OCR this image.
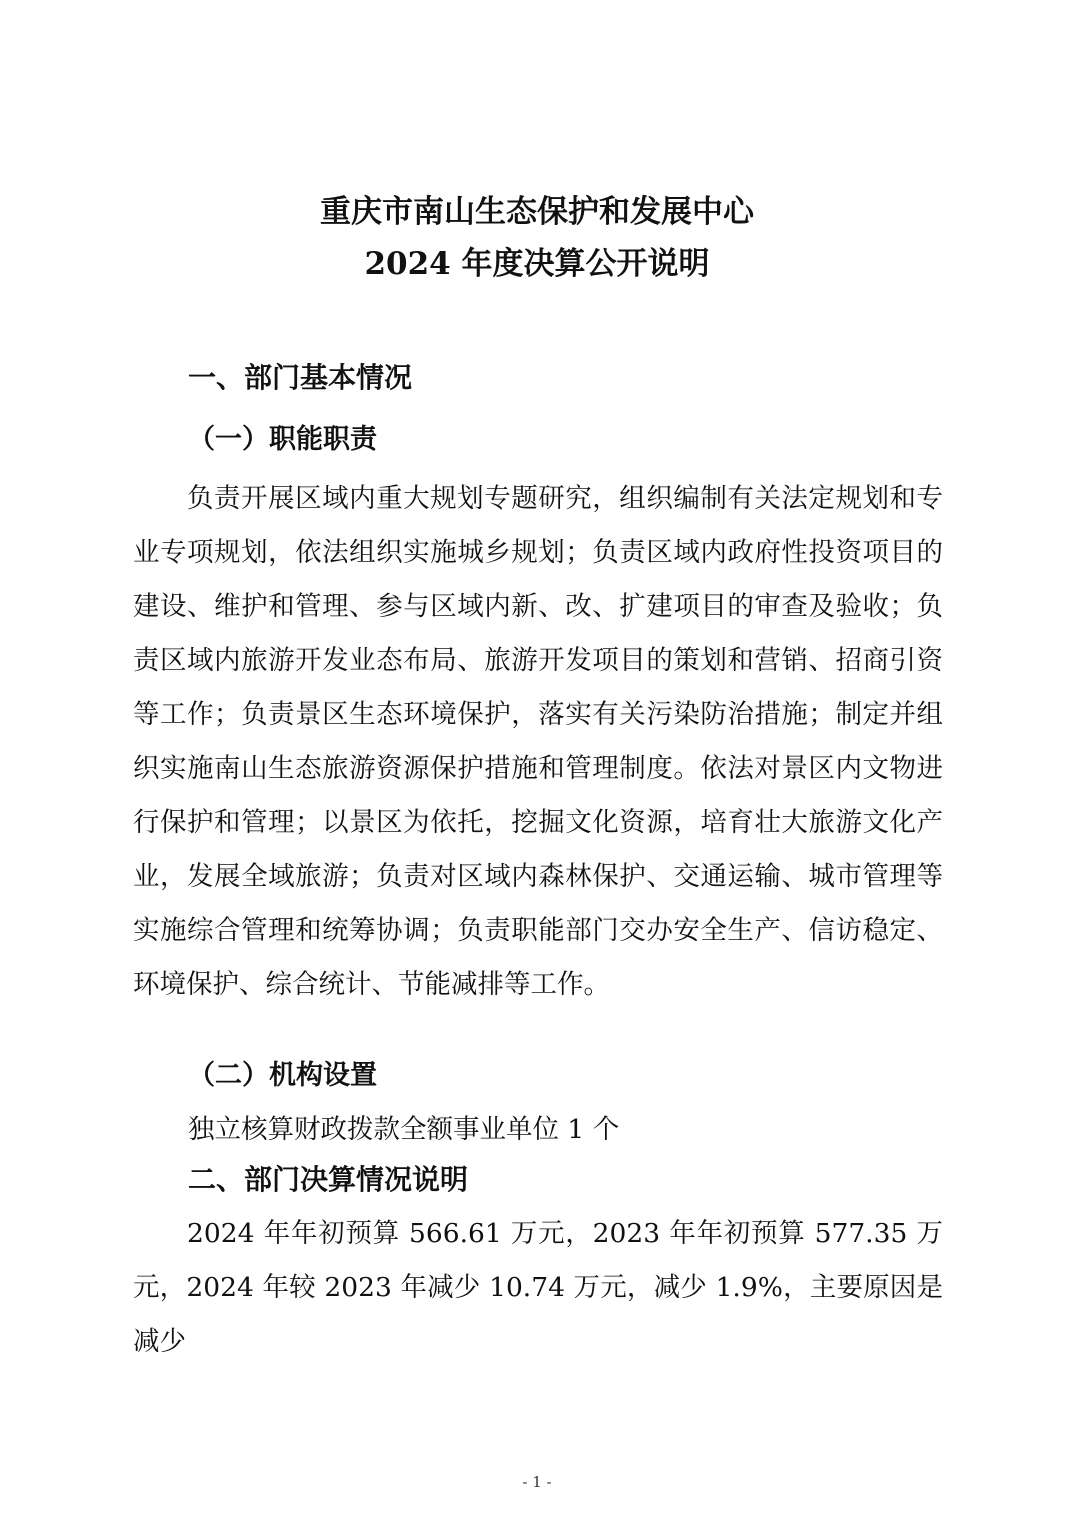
重庆市南山生态保护和发展中心
2024 年度决算公开说明
一、部门基本情况
（一）职能职责

负责开展区域内重大规划专题研究，组织编制有关法定规划和专业专项规划，依法组织实施城乡规划；负责区域内政府性投资项目的建设、维护和管理、参与区域内新、改、扩建项目的审查及验收；负责区域内旅游开发业态布局、旅游开发项目的策划和营销、招商引资等工作；负责景区生态环境保护，落实有关污染防治措施；制定并组织实施南山生态旅游资源保护措施和管理制度。依法对景区内文物进行保护和管理；以景区为依托，挖掘文化资源，培育壮大旅游文化产业，发展全域旅游；负责对区域内森林保护、交通运输、城市管理等实施综合管理和统筹协调；负责职能部门交办安全生产、信访稳定、环境保护、综合统计、节能减排等工作。

（二）机构设置

独立核算财政拨款全额事业单位 1 个

二、部门决算情况说明

2024 年年初预算 566.61 万元，2023 年年初预算 577.35 万元，2024 年较 2023 年减少 10.74 万元，减少 1.9%，主要原因是减少

- 1 -
